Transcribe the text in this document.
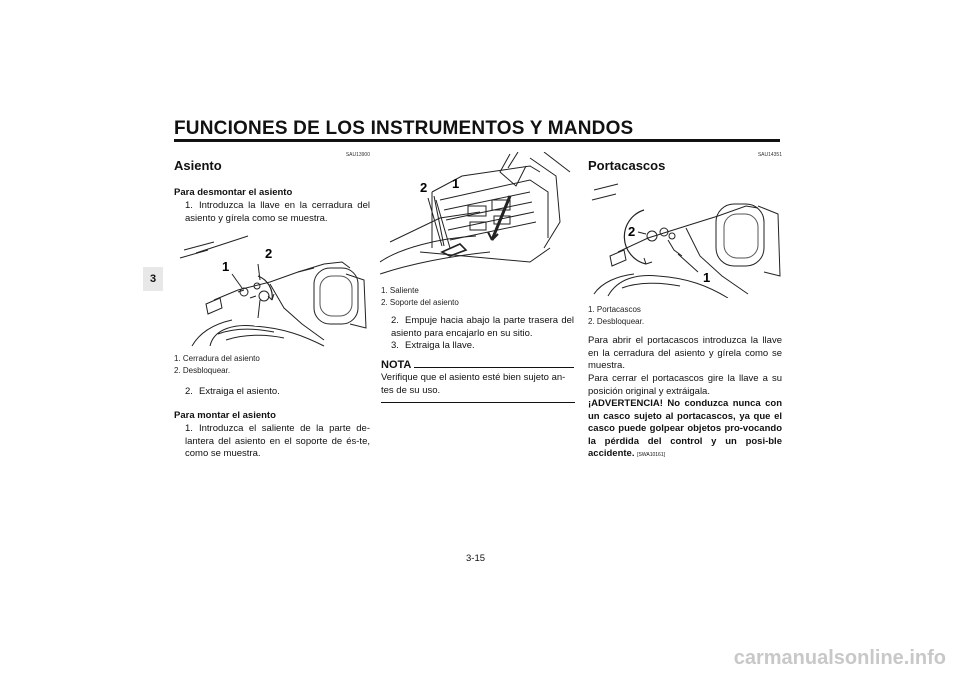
FUNCIONES DE LOS INSTRUMENTOS Y MANDOS
3
SAU13900
Asiento
Para desmontar el asiento
1. Introduzca la llave en la cerradura del asiento y gírela como se muestra.
1
2
1. Cerradura del asiento
2. Desbloquear.
2. Extraiga el asiento.
Para montar el asiento
1. Introduzca el saliente de la parte de-lantera del asiento en el soporte de és-te, como se muestra.
2 1
1. Saliente
2. Soporte del asiento
2. Empuje hacia abajo la parte trasera del asiento para encajarlo en su sitio.
3. Extraiga la llave.
NOTA
Verifique que el asiento esté bien sujeto an-tes de su uso.
SAU14351
Portacascos
2
1
1. Portacascos
2. Desbloquear.
Para abrir el portacascos introduzca la llave en la cerradura del asiento y gírela como se muestra.
Para cerrar el portacascos gire la llave a su posición original y extráigala.
¡ADVERTENCIA! No conduzca nunca con un casco sujeto al portacascos, ya que el casco puede golpear objetos pro-vocando la pérdida del control y un posi-ble accidente. [SWA10161]
3-15
carmanualsonline.info
